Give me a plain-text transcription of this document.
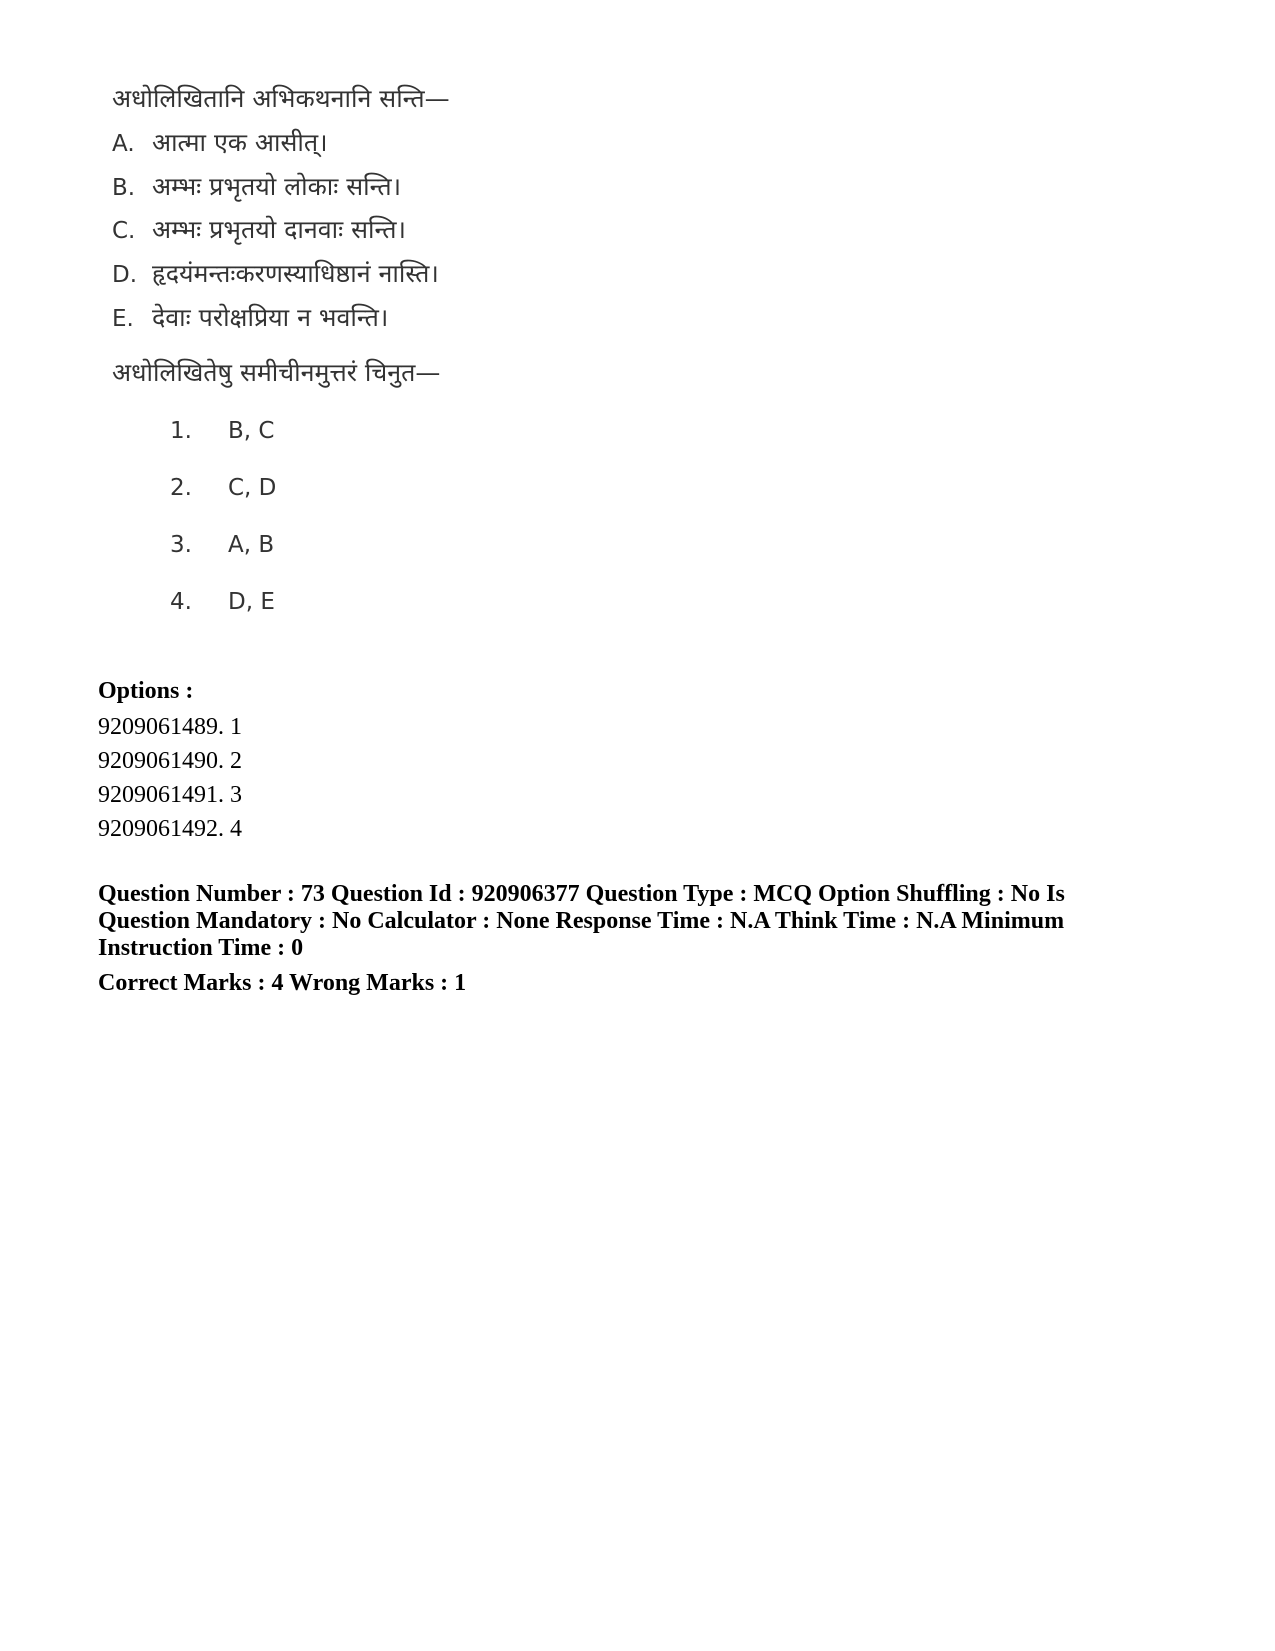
अधोलिखितानि अभिकथनानि सन्ति—
A. आत्मा एक आसीत्।
B. अम्भः प्रभृतयो लोकाः सन्ति।
C. अम्भः प्रभृतयो दानवाः सन्ति।
D. हृदयंमन्तःकरणस्याधिष्ठानं नास्ति।
E. देवाः परोक्षप्रिया न भवन्ति।
अधोलिखितेषु समीचीनमुत्तरं चिनुत—
1. B, C
2. C, D
3. A, B
4. D, E
Options :
9209061489. 1
9209061490. 2
9209061491. 3
9209061492. 4
Question Number : 73 Question Id : 920906377 Question Type : MCQ Option Shuffling : No Is Question Mandatory : No Calculator : None Response Time : N.A Think Time : N.A Minimum Instruction Time : 0
Correct Marks : 4 Wrong Marks : 1
